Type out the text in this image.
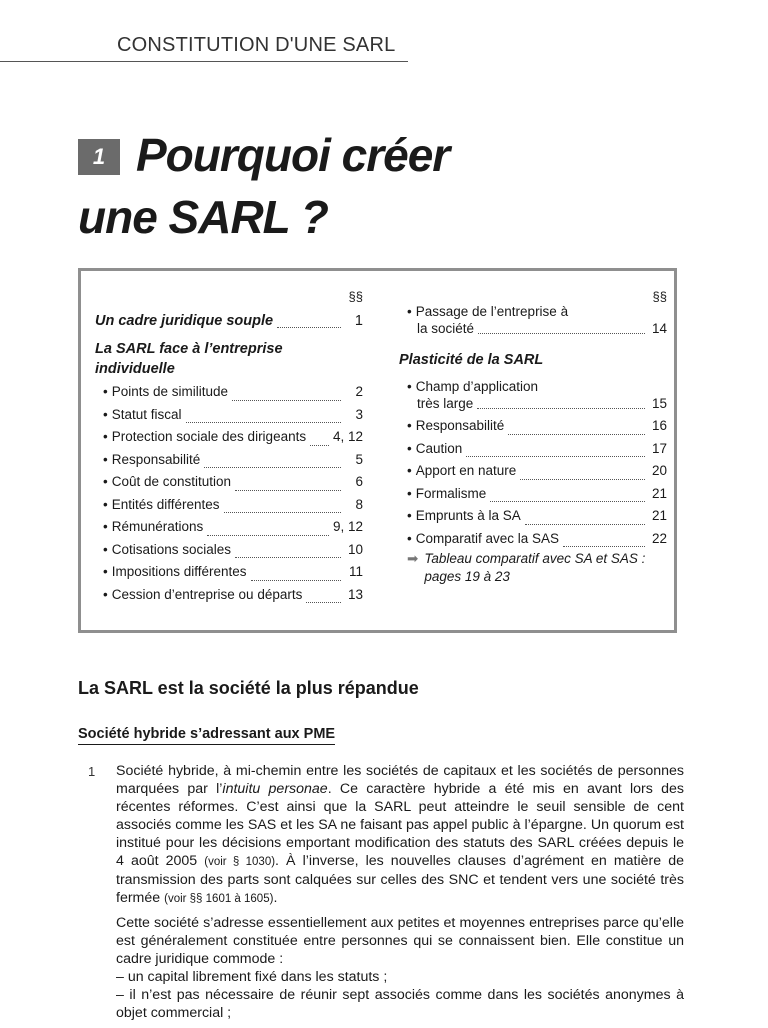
CONSTITUTION D'UNE SARL
1 Pourquoi créer
une SARL ?
§§
Un cadre juridique souple	1
La SARL face à l’entreprise individuelle
• Points de similitude	2
• Statut fiscal	3
• Protection sociale des dirigeants 4, 12
• Responsabilité	5
• Coût de constitution	6
• Entités différentes	8
• Rémunérations	9, 12
• Cotisations sociales	10
• Impositions différentes	11
• Cession d’entreprise ou départs	13
§§
• Passage de l’entreprise à
la société	14
Plasticité de la SARL
• Champ d’application
très large	15
• Responsabilité	16
• Caution	17
• Apport en nature	20
• Formalisme	21
• Emprunts à la SA	21
• Comparatif avec la SAS	22
➡ Tableau comparatif avec SA et SAS :
pages 19 à 23
La SARL est la société la plus répandue
Société hybride s’adressant aux PME
1 Société hybride, à mi-chemin entre les sociétés de capitaux et les sociétés de personnes marquées par l’intuitu personae. Ce caractère hybride a été mis en avant lors des récentes réformes. C’est ainsi que la SARL peut atteindre le seuil sensible de cent associés comme les SAS et les SA ne faisant pas appel public à l’épargne. Un quorum est institué pour les décisions emportant modification des statuts des SARL créées depuis le 4 août 2005 (voir § 1030). À l’inverse, les nouvelles clauses d’agrément en matière de transmission des parts sont calquées sur celles des SNC et tendent vers une société très fermée (voir §§ 1601 à 1605).

Cette société s’adresse essentiellement aux petites et moyennes entreprises parce qu’elle est généralement constituée entre personnes qui se connaissent bien. Elle constitue un cadre juridique commode :
– un capital librement fixé dans les statuts ;
– il n’est pas nécessaire de réunir sept associés comme dans les sociétés anonymes à objet commercial ;
